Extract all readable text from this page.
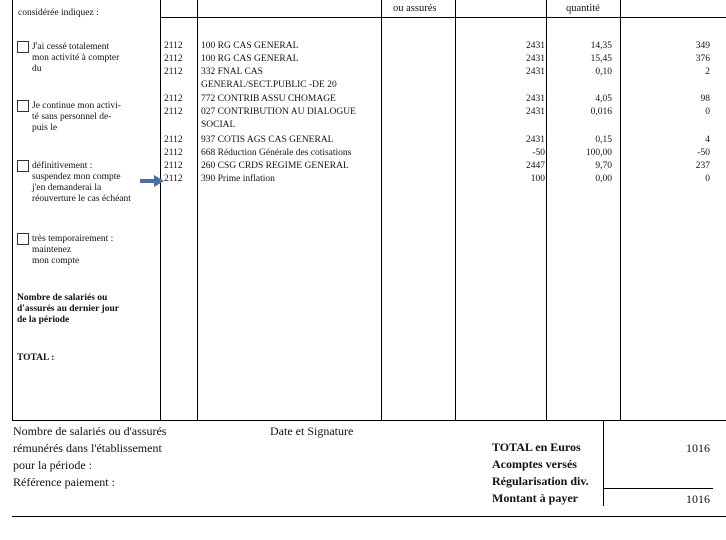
considérée indiquez :	ou assurés	quantité
J'ai cessé totalement
mon activité à compter
du
Je continue mon activi-
té sans personnel de-
puis le
définitivement :
suspendez mon compte
j'en demanderai la
réouverture le cas échéant
très temporairement :
maintenez
mon compte
Nombre de salariés ou
d'assurés au dernier jour
de la période
TOTAL :
2112 100 RG CAS GENERAL	2431	14,35	349
2112 100 RG CAS GENERAL	2431	15,45	376
2112 332 FNAL CAS	2431	0,10	2
GENERAL/SECT.PUBLIC -DE 20
2112 772 CONTRIB ASSU CHOMAGE	2431	4,05	98
2112 027 CONTRIBUTION AU DIALOGUE	2431	0,016	0
SOCIAL
2112 937 COTIS AGS CAS GENERAL	2431	0,15	4
2112 668 Réduction Générale des cotisations	-50	100,00	-50
2112 260 CSG CRDS REGIME GENERAL	2447	9,70	237
2112 390 Prime inflation	100	0,00	0
Nombre de salariés ou d'assurés
rémunérés dans l'établissement
pour la période :
Référence paiement :
Date et Signature
TOTAL en Euros	1016
Acomptes versés
Régularisation div.
Montant à payer	1016
